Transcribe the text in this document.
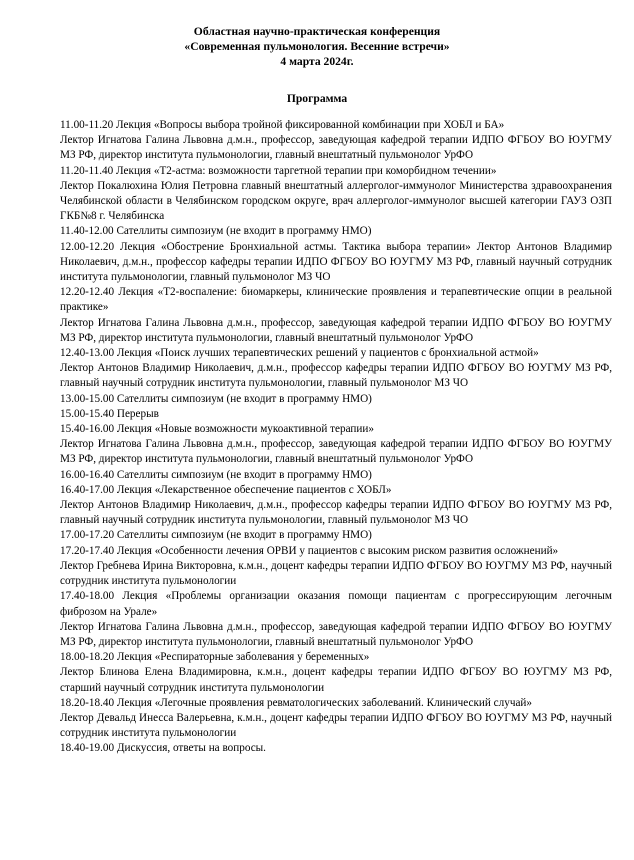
Областная научно-практическая конференция
«Современная пульмонология. Весенние встречи»
4 марта 2024г.
Программа

11.00-11.20 Лекция «Вопросы выбора тройной фиксированной комбинации при ХОБЛ и БА»

Лектор Игнатова Галина Львовна д.м.н., профессор, заведующая кафедрой терапии ИДПО ФГБОУ ВО ЮУГМУ МЗ РФ, директор института пульмонологии, главный внештатный пульмонолог УрФО

11.20-11.40 Лекция «Т2-астма: возможности таргетной терапии при коморбидном течении»

Лектор Покалюхина Юлия Петровна главный внештатный аллерголог-иммунолог Министерства здравоохранения Челябинской области в Челябинском городском округе, врач аллерголог-иммунолог высшей категории ГАУЗ ОЗП ГКБ№8 г. Челябинска

11.40-12.00 Сателлиты симпозиум (не входит в программу НМО)

12.00-12.20 Лекция «Обострение Бронхиальной астмы. Тактика выбора терапии» Лектор Антонов Владимир Николаевич, д.м.н., профессор кафедры терапии ИДПО ФГБОУ ВО ЮУГМУ МЗ РФ, главный научный сотрудник института пульмонологии, главный пульмонолог МЗ ЧО

12.20-12.40 Лекция «Т2-воспаление: биомаркеры, клинические проявления и терапевтические опции в реальной практике»

Лектор Игнатова Галина Львовна д.м.н., профессор, заведующая кафедрой терапии ИДПО ФГБОУ ВО ЮУГМУ МЗ РФ, директор института пульмонологии, главный внештатный пульмонолог УрФО

12.40-13.00 Лекция «Поиск лучших терапевтических решений у пациентов с бронхиальной астмой»

Лектор Антонов Владимир Николаевич, д.м.н., профессор кафедры терапии ИДПО ФГБОУ ВО ЮУГМУ МЗ РФ, главный научный сотрудник института пульмонологии, главный пульмонолог МЗ ЧО

13.00-15.00 Сателлиты симпозиум (не входит в программу НМО)

15.00-15.40 Перерыв

15.40-16.00 Лекция «Новые возможности мукоактивной терапии»

Лектор Игнатова Галина Львовна д.м.н., профессор, заведующая кафедрой терапии ИДПО ФГБОУ ВО ЮУГМУ МЗ РФ, директор института пульмонологии, главный внештатный пульмонолог УрФО

16.00-16.40 Сателлиты симпозиум (не входит в программу НМО)

16.40-17.00 Лекция «Лекарственное обеспечение пациентов с ХОБЛ»

Лектор Антонов Владимир Николаевич, д.м.н., профессор кафедры терапии ИДПО ФГБОУ ВО ЮУГМУ МЗ РФ, главный научный сотрудник института пульмонологии, главный пульмонолог МЗ ЧО

17.00-17.20 Сателлиты симпозиум (не входит в программу НМО)

17.20-17.40 Лекция «Особенности лечения ОРВИ у пациентов с высоким риском развития осложнений»

Лектор Гребнева Ирина Викторовна, к.м.н., доцент кафедры терапии ИДПО ФГБОУ ВО ЮУГМУ МЗ РФ, научный сотрудник института пульмонологии

17.40-18.00 Лекция «Проблемы организации оказания помощи пациентам с прогрессирующим легочным фиброзом на Урале»

Лектор Игнатова Галина Львовна д.м.н., профессор, заведующая кафедрой терапии ИДПО ФГБОУ ВО ЮУГМУ МЗ РФ, директор института пульмонологии, главный внештатный пульмонолог УрФО

18.00-18.20 Лекция «Респираторные заболевания у беременных»

Лектор Блинова Елена Владимировна, к.м.н., доцент кафедры терапии ИДПО ФГБОУ ВО ЮУГМУ МЗ РФ, старший научный сотрудник института пульмонологии

18.20-18.40 Лекция «Легочные проявления ревматологических заболеваний. Клинический случай»

Лектор Девальд Инесса Валерьевна, к.м.н., доцент кафедры терапии ИДПО ФГБОУ ВО ЮУГМУ МЗ РФ, научный сотрудник института пульмонологии

18.40-19.00 Дискуссия, ответы на вопросы.
